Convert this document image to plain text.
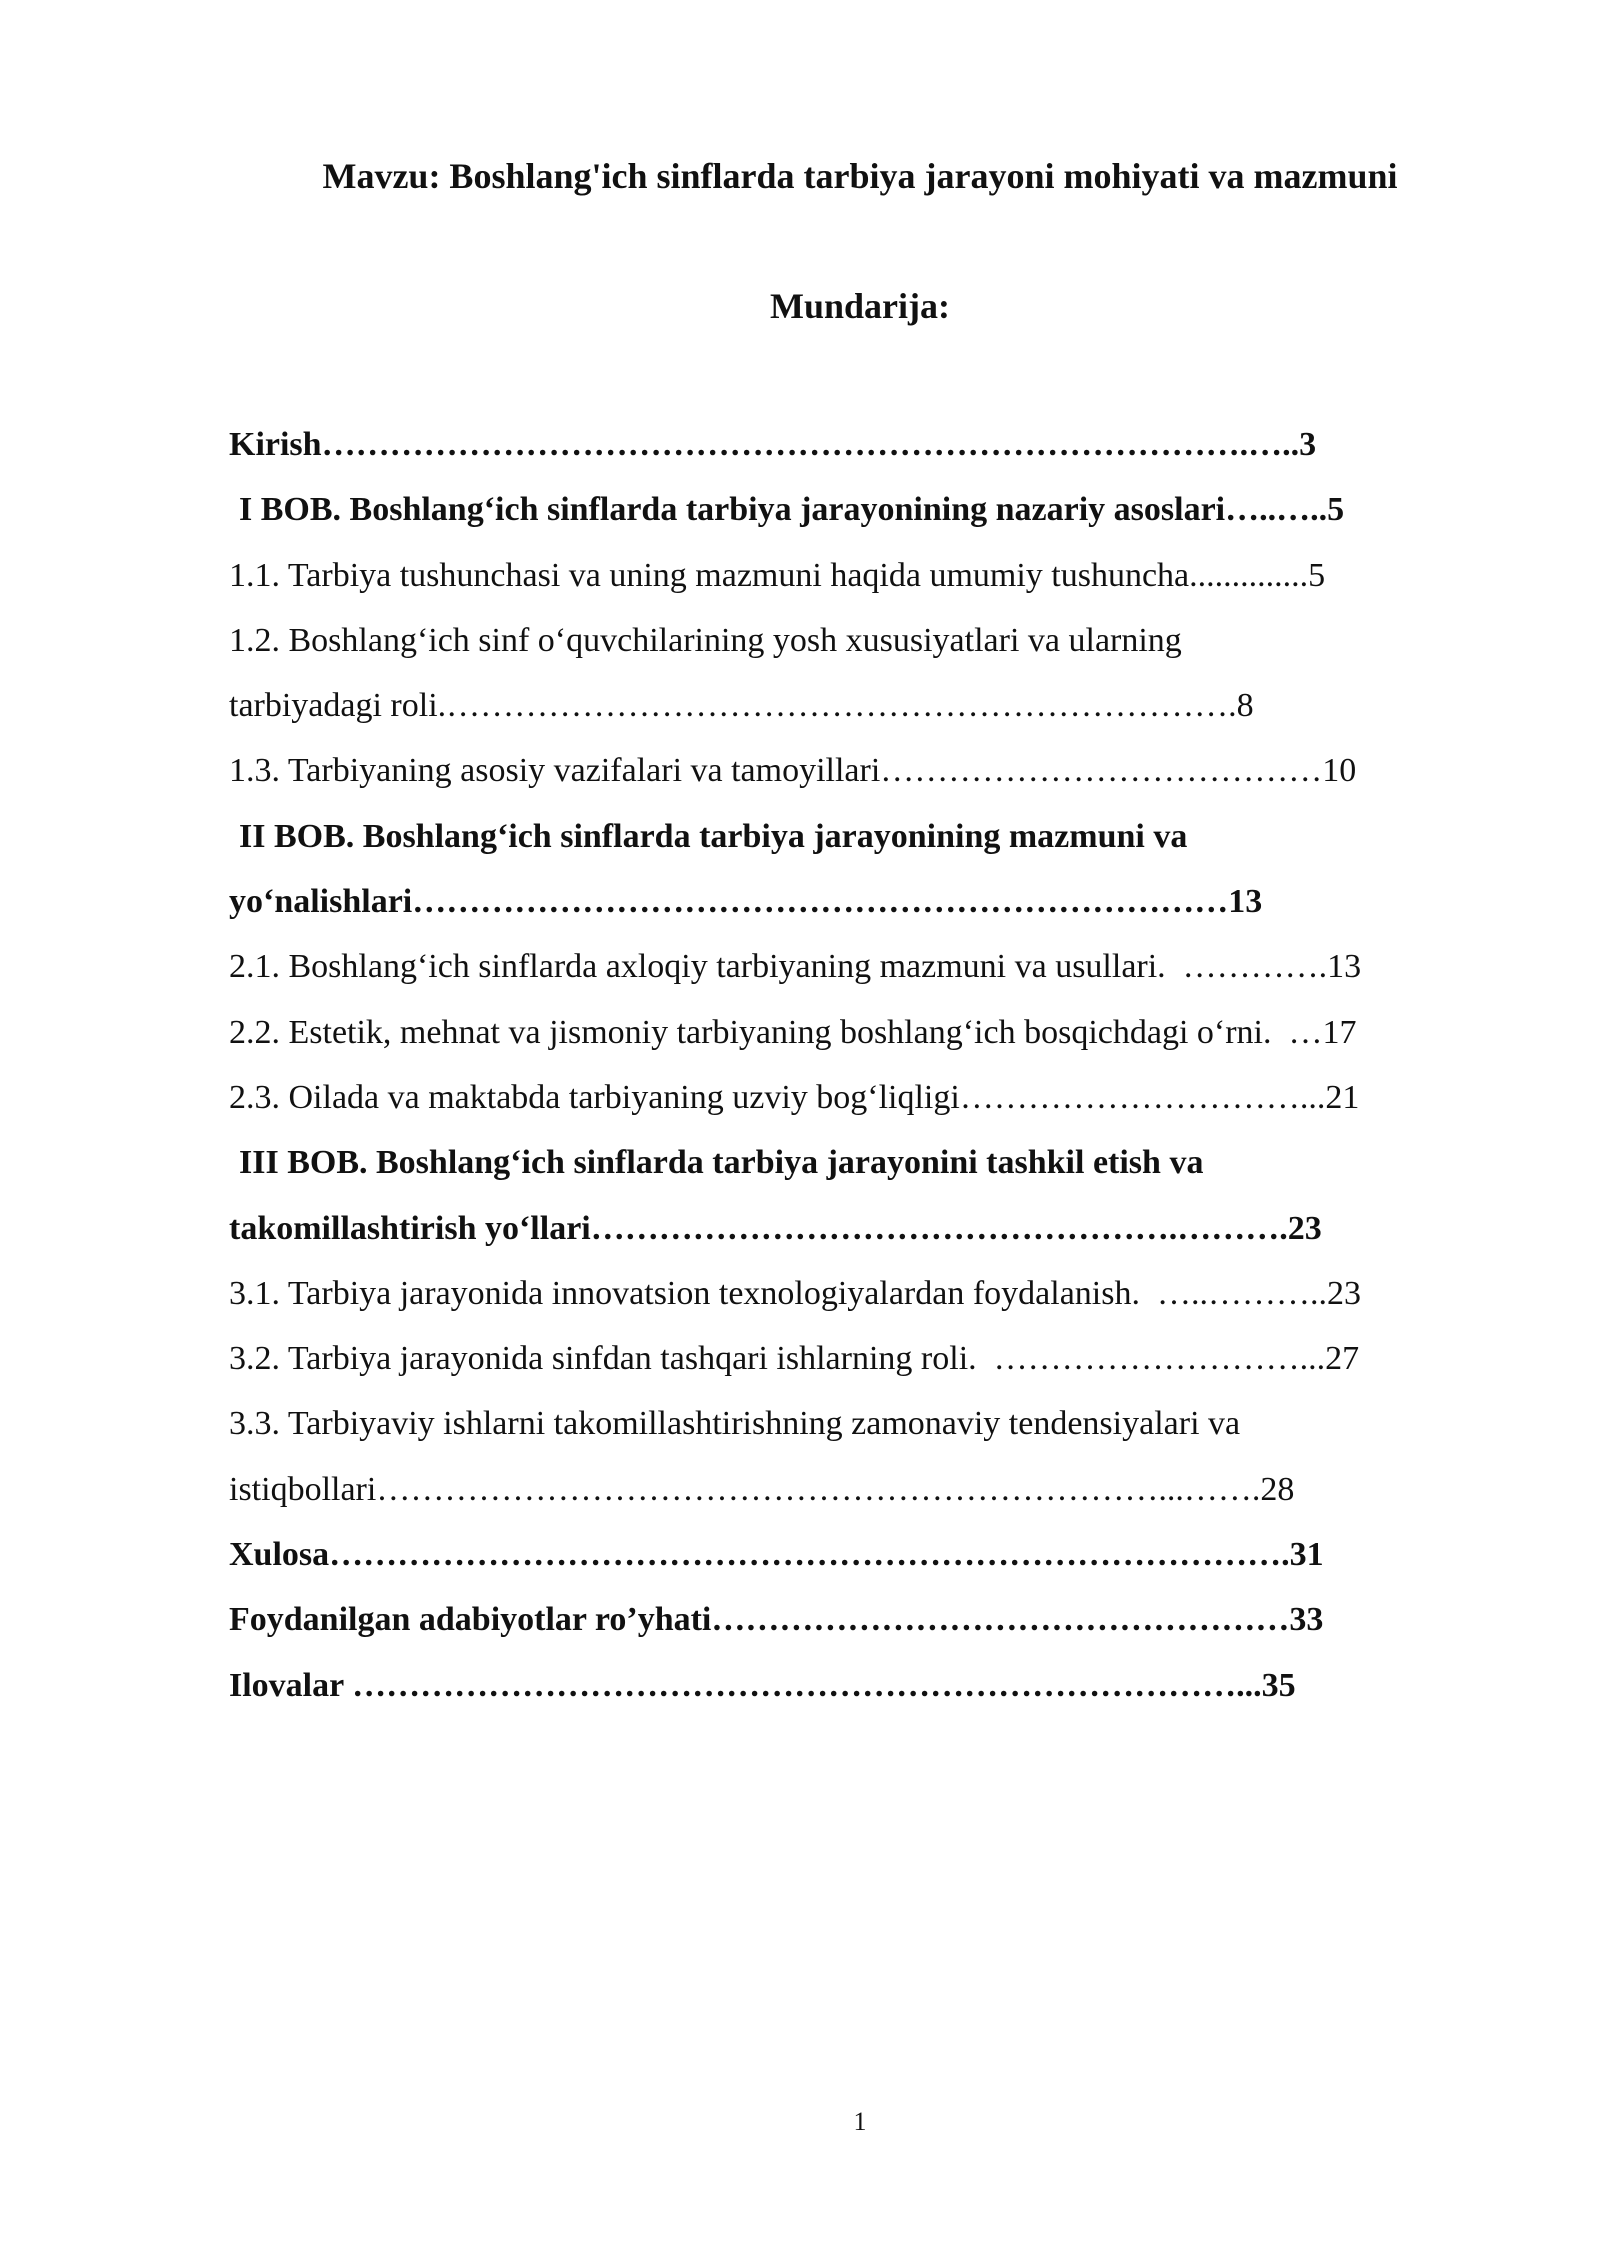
Mavzu: Boshlang'ich sinflarda tarbiya jarayoni mohiyati va mazmuni
Mundarija:
Kirish……………………………………………………………………….…..3
I BOB. Boshlang‘ich sinflarda tarbiya jarayonining nazariy asoslari…..…..5
1.1. Tarbiya tushunchasi va uning mazmuni haqida umumiy tushuncha..............5
1.2. Boshlang‘ich sinf o‘quvchilarining yosh xususiyatlari va ularning
tarbiyadagi roli.…………………………………………………………….8
1.3. Tarbiyaning asosiy vazifalari va tamoyillari…………………………………10
II BOB. Boshlang‘ich sinflarda tarbiya jarayonining mazmuni va
yo‘nalishlari………………………………………………………………13
2.1. Boshlang‘ich sinflarda axloqiy tarbiyaning mazmuni va usullari.  ………….13
2.2. Estetik, mehnat va jismoniy tarbiyaning boshlang‘ich bosqichdagi o‘rni.  …17
2.3. Oilada va maktabda tarbiyaning uzviy bog‘liqligi…………………………...21
III BOB. Boshlang‘ich sinflarda tarbiya jarayonini tashkil etish va
takomillashtirish yo‘llari…………………………………………….……….23
3.1. Tarbiya jarayonida innovatsion texnologiyalardan foydalanish.  …..………..23
3.2. Tarbiya jarayonida sinfdan tashqari ishlarning roli.  ………………………...27
3.3. Tarbiyaviy ishlarni takomillashtirishning zamonaviy tendensiyalari va
istiqbollari……………………………………………………………...…….28
Xulosa………………………………………………………………………….31
Foydanilgan adabiyotlar ro’yhati……………………………………………33
Ilovalar ……………………………………………………………………...35
1
